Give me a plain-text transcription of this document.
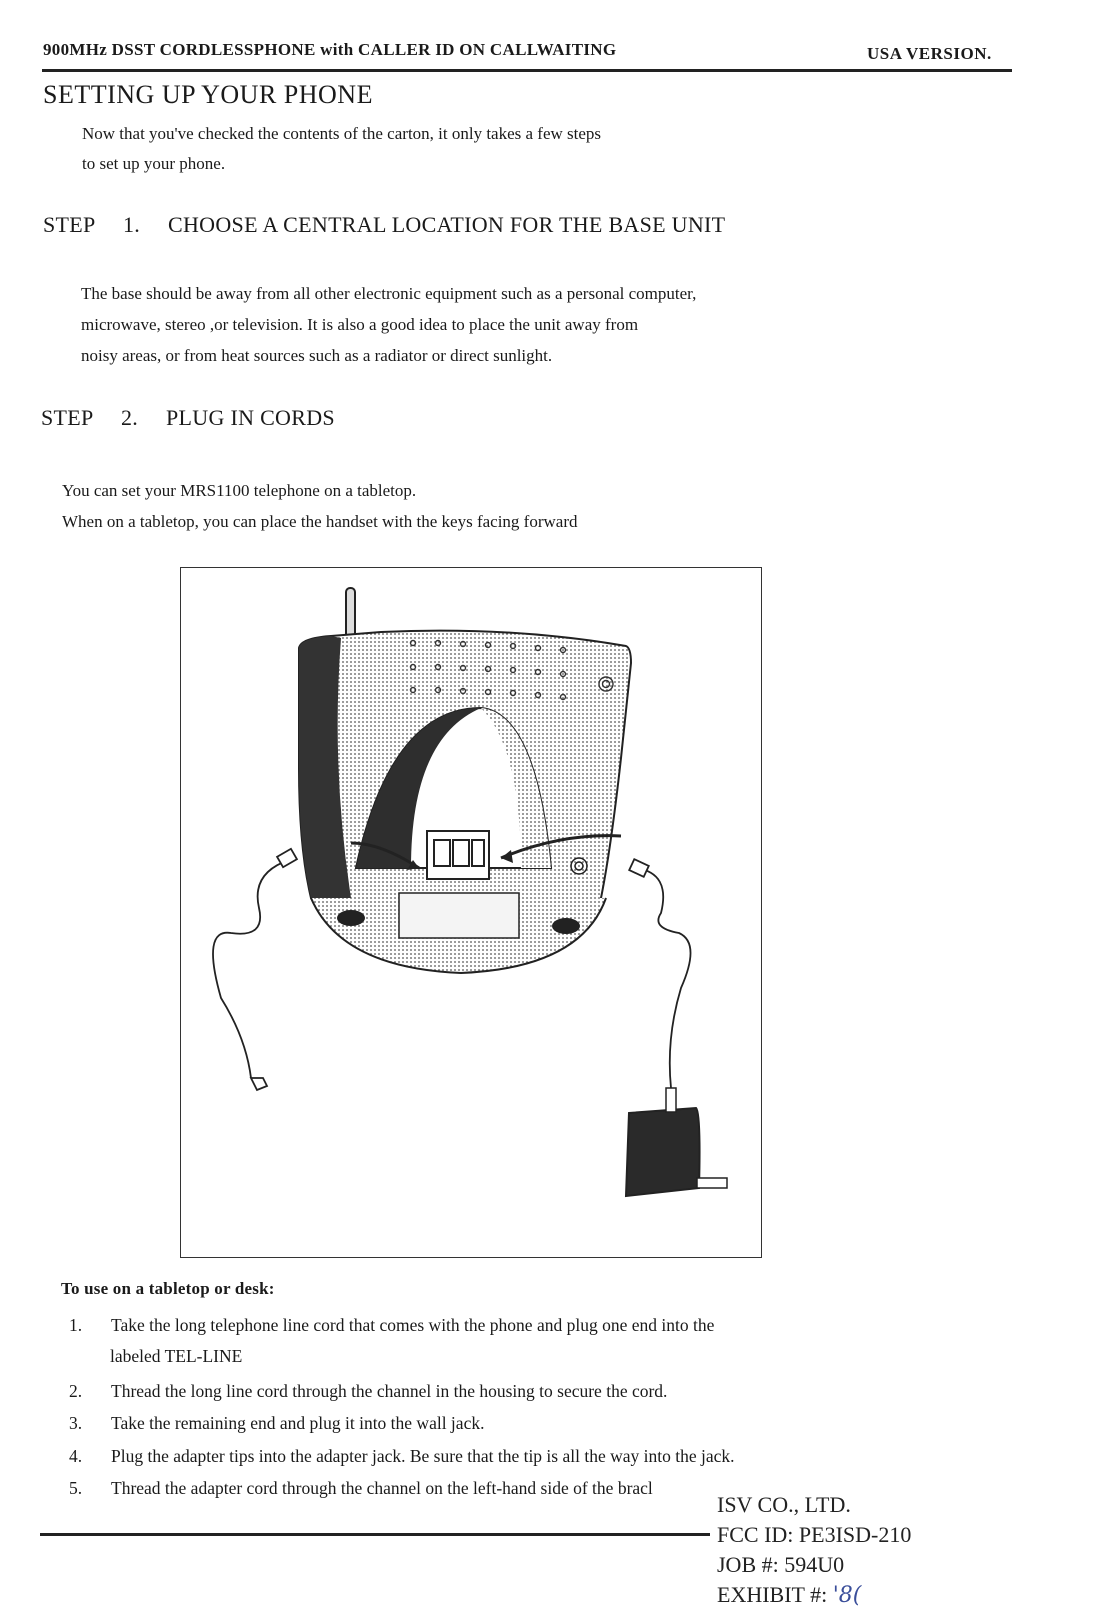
900MHz DSST CORDLESSPHONE with CALLER ID ON CALLWAITING	USA VERSION.
SETTING UP YOUR PHONE
Now that you've checked the contents of the carton, it only takes a few steps
to set up your phone.
STEP 1. CHOOSE A CENTRAL LOCATION FOR THE BASE UNIT
The base should be away from all other electronic equipment such as a personal computer,
microwave, stereo ,or television. It is also a good idea to place the unit away from
noisy areas, or from heat sources such as a radiator or direct sunlight.
STEP 2. PLUG IN CORDS
You can set your MRS1100 telephone on a tabletop.
When on a tabletop, you can place the handset with the keys facing forward
To use on a tabletop or desk:
1.	Take the long telephone line cord that comes with the phone and plug one end into the
labeled TEL-LINE
2.	Thread the long line cord through the channel in the housing to secure the cord.
3.	Take the remaining end and plug it into the wall jack.
4.	Plug the adapter tips into the adapter jack. Be sure that the tip is all the way into the jack.
5.	Thread the adapter cord through the channel on the left-hand side of the bracl
ISV CO., LTD.
FCC ID: PE3ISD-210
JOB #: 594U0
EXHIBIT #: '8(
